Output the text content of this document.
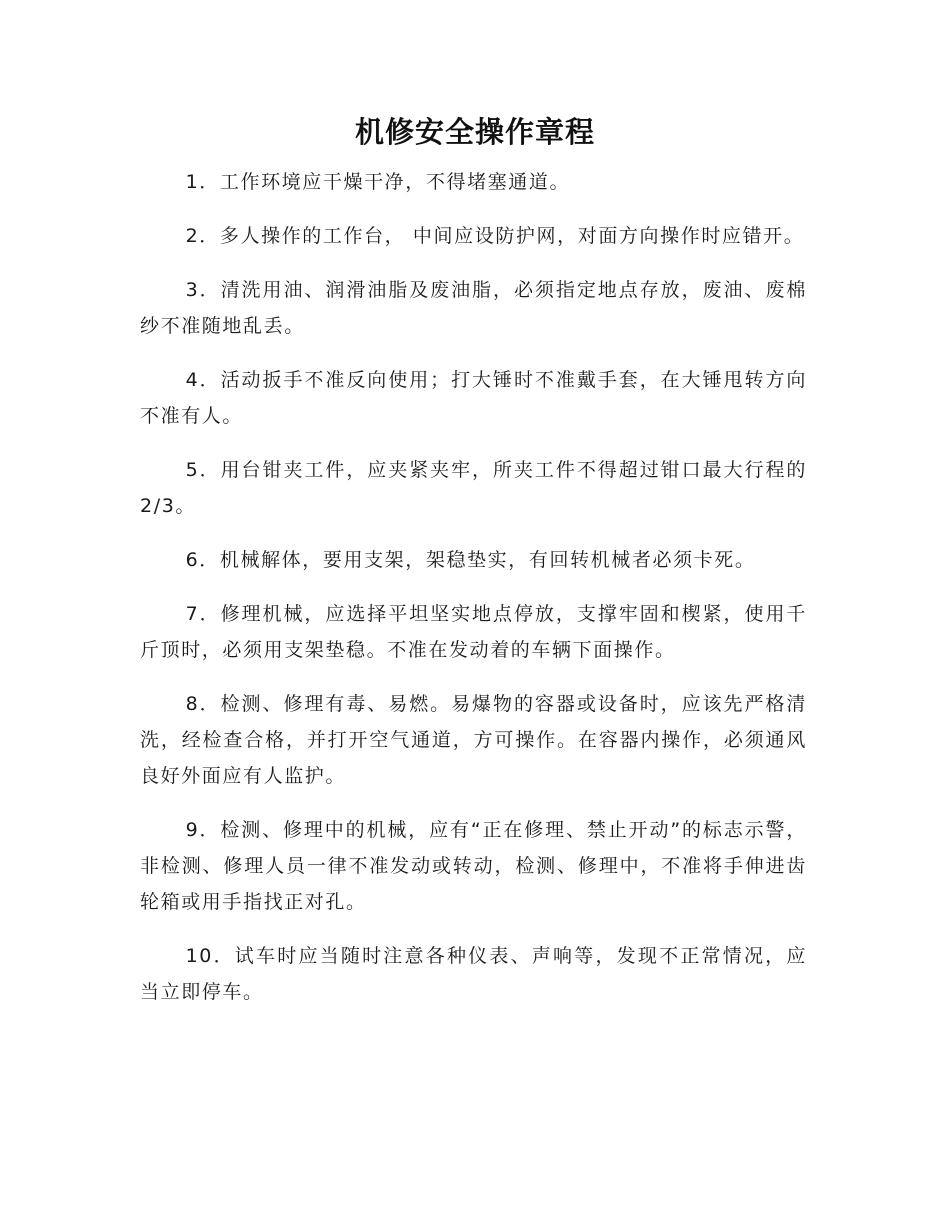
机修安全操作章程

1．工作环境应干燥干净，不得堵塞通道。

2．多人操作的工作台， 中间应设防护网，对面方向操作时应错开。

3．清洗用油、润滑油脂及废油脂，必须指定地点存放，废油、废棉纱不准随地乱丢。

4．活动扳手不准反向使用；打大锤时不准戴手套，在大锤甩转方向不准有人。

5．用台钳夹工件，应夹紧夹牢，所夹工件不得超过钳口最大行程的2/3。

6．机械解体，要用支架，架稳垫实，有回转机械者必须卡死。

7．修理机械，应选择平坦坚实地点停放，支撑牢固和楔紧，使用千斤顶时，必须用支架垫稳。不准在发动着的车辆下面操作。

8．检测、修理有毒、易燃。易爆物的容器或设备时，应该先严格清洗，经检查合格，并打开空气通道，方可操作。在容器内操作，必须通风良好外面应有人监护。

9．检测、修理中的机械，应有“正在修理、禁止开动”的标志示警，非检测、修理人员一律不准发动或转动，检测、修理中，不准将手伸进齿轮箱或用手指找正对孔。

10．试车时应当随时注意各种仪表、声响等，发现不正常情况，应当立即停车。
